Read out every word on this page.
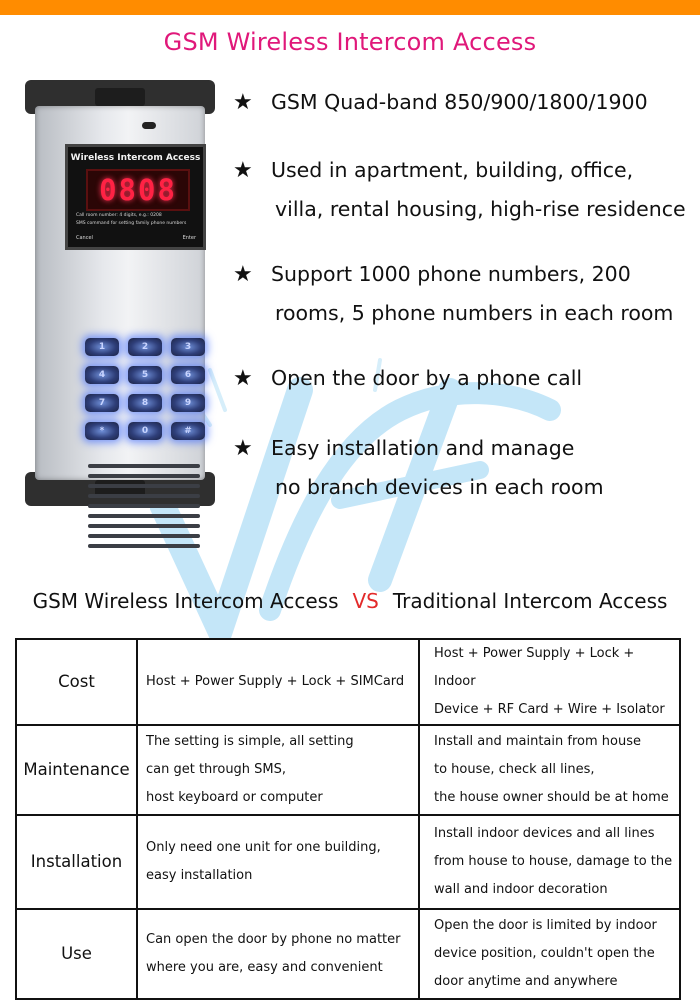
GSM Wireless Intercom Access
Wireless Intercom Access
0808
Call room number: 4 digits, e.g.: 0208
SMS command for setting family phone numbers
Cancel	Enter
1	2	3
4	5	6
7	8	9
*	0	#
★ GSM Quad-band 850/900/1800/1900
★ Used in apartment, building, office,
villa, rental housing, high-rise residence
★ Support 1000 phone numbers, 200
rooms, 5 phone numbers in each room
★ Open the door by a phone call
★ Easy installation and manage
no branch devices in each room
GSM Wireless Intercom Access VS Traditional Intercom Access
Cost	Host + Power Supply + Lock + SIMCard	Host + Power Supply + Lock + Indoor
Device + RF Card + Wire + Isolator

Maintenance	The setting is simple, all setting
can get through SMS,
host keyboard or computer	Install and maintain from house
to house, check all lines,
the house owner should be at home

Installation	Only need one unit for one building,
easy installation	Install indoor devices and all lines
from house to house, damage to the
wall and indoor decoration

Use	Can open the door by phone no matter
where you are, easy and convenient	Open the door is limited by indoor
device position, couldn't open the
door anytime and anywhere
